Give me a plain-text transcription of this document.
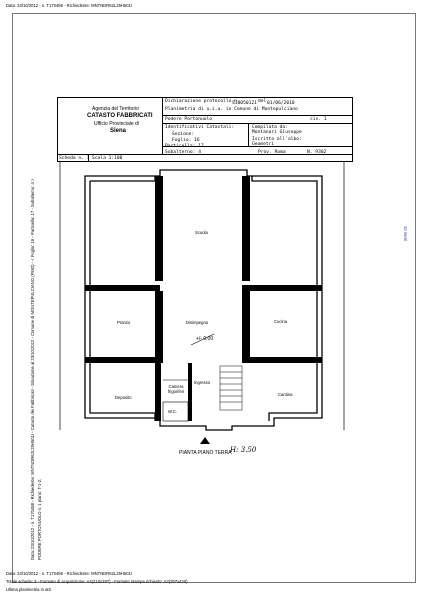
Data: 23/10/2012 - n. T170488 - Richiedente: MNTNDR62L25H501I
Data: 23/10/2012 - n. T170488 - Richiedente: MNTNDR62L25H501I - Catasto dei Fabbricati - Situazione al 23/10/2012 - Comune di MONTEPULCIANO (F592) - < Foglio: 16 - Particella: 17 - Subalterno: 4 > PODERE PORTONUOLO n. 1 piano: T-1-2;
10 metri
Agenzia del Territorio
CATASTO FABBRICATI
Ufficio Provinciale di
Siena
Dichiarazione protocollo n.
SI0050121 del 01/06/2010
Planimetria di u.i.u. in Comune di Montepulciano
Podere Portonuolo	civ. 1
Identificativi Catastali:
Sezione:
Foglio: 16
Particella: 17
Subalterno: 4
Compilata da:
Montanari Giuseppe
Iscritto all'albo:
Geometri
Prov. Roma	N. 9302
Scheda n. 1 Scala 1:100
Scuola
Pranzo	Disimpegno	Cucina
Deposito
Cantina
Ingresso
Camera frigoriferi
W.C.
+/- 0.00
PIANTA PIANO TERRA
H: 3.50
Data: 23/10/2012 - n. T170488 - Richiedente: MNTNDR62L25H501I
Totale schede: 3 - Formato di acquisizione: A4(210x297) - Formato stampa richiesto: A3(297x420)
Ultima planimetria in atti
